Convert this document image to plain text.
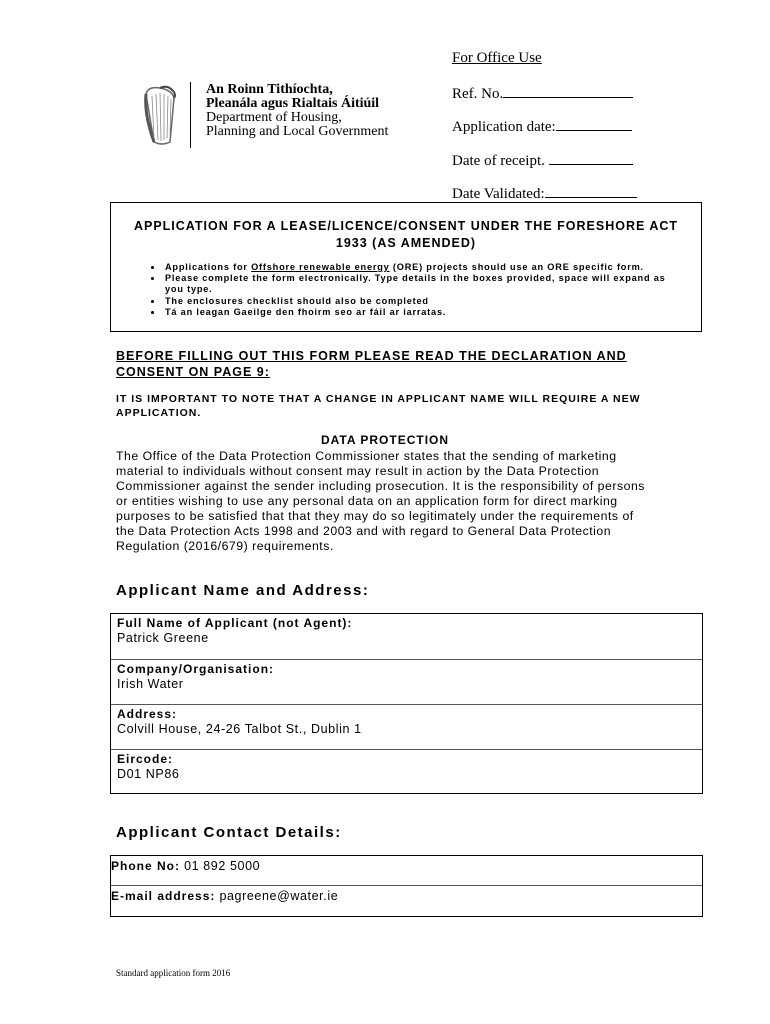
An Roinn Tithíochta,
Pleanála agus Rialtais Áitiúil
Department of Housing,
Planning and Local Government
For Office Use
Ref. No.
Application date:
Date of receipt.
Date Validated:
APPLICATION FOR A LEASE/LICENCE/CONSENT UNDER THE FORESHORE ACT 1933 (AS AMENDED)
• Applications for Offshore renewable energy (ORE) projects should use an ORE specific form.
• Please complete the form electronically. Type details in the boxes provided, space will expand as you type.
• The enclosures checklist should also be completed
• Tá an leagan Gaeilge den fhoirm seo ar fáil ar iarratas.
BEFORE FILLING OUT THIS FORM PLEASE READ THE DECLARATION AND CONSENT ON PAGE 9:
IT IS IMPORTANT TO NOTE THAT A CHANGE IN APPLICANT NAME WILL REQUIRE A NEW APPLICATION.
DATA PROTECTION
The Office of the Data Protection Commissioner states that the sending of marketing material to individuals without consent may result in action by the Data Protection Commissioner against the sender including prosecution. It is the responsibility of persons or entities wishing to use any personal data on an application form for direct marking purposes to be satisfied that that they may do so legitimately under the requirements of the Data Protection Acts 1998 and 2003 and with regard to General Data Protection Regulation (2016/679) requirements.
Applicant Name and Address:
Full Name of Applicant (not Agent):
Patrick Greene
Company/Organisation:
Irish Water
Address:
Colvill House, 24-26 Talbot St., Dublin 1
Eircode:
D01 NP86
Applicant Contact Details:
Phone No: 01 892 5000
E-mail address: pagreene@water.ie
Standard application form 2016
